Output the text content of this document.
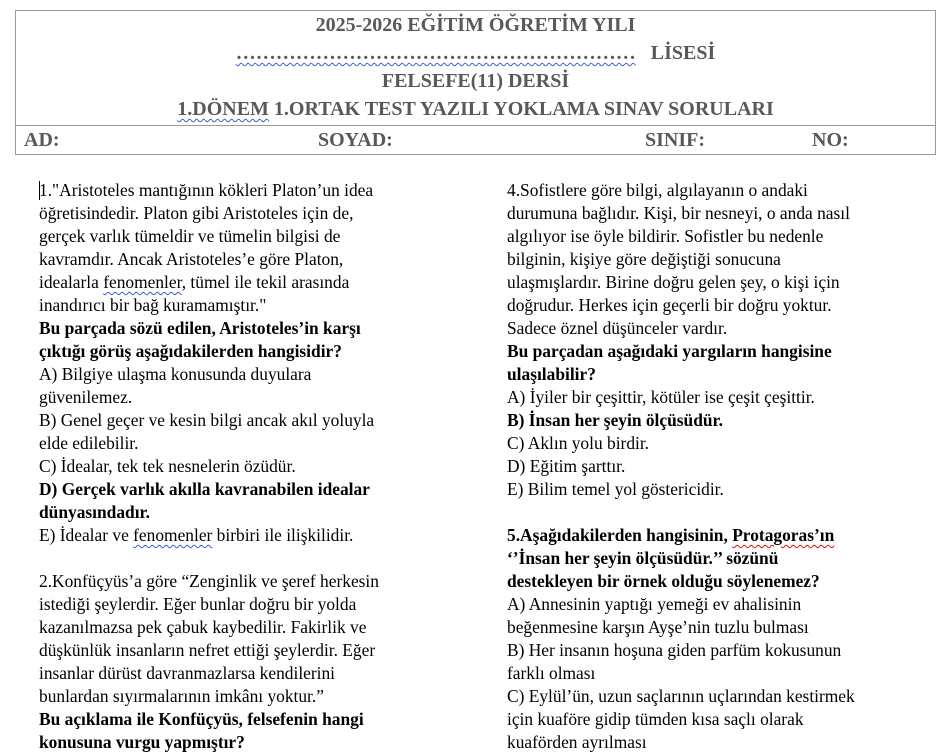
2025-2026 EĞİTİM ÖĞRETİM YILI
…………………………………………………… LİSESİ
FELSEFE(11) DERSİ
1.DÖNEM 1.ORTAK TEST YAZILI YOKLAMA SINAV SORULARI
AD:	SOYAD:	SINIF:	NO:
1."Aristoteles mantığının kökleri Platon’un idea
öğretisindedir. Platon gibi Aristoteles için de,
gerçek varlık tümeldir ve tümelin bilgisi de
kavramdır. Ancak Aristoteles’e göre Platon,
idealarla fenomenler, tümel ile tekil arasında
inandırıcı bir bağ kuramamıştır."
Bu parçada sözü edilen, Aristoteles’in karşı
çıktığı görüş aşağıdakilerden hangisidir?
A) Bilgiye ulaşma konusunda duyulara
güvenilemez.
B) Genel geçer ve kesin bilgi ancak akıl yoluyla
elde edilebilir.
C) İdealar, tek tek nesnelerin özüdür.
D) Gerçek varlık akılla kavranabilen idealar
dünyasındadır.
E) İdealar ve fenomenler birbiri ile ilişkilidir.
2.Konfüçyüs’a göre “Zenginlik ve şeref herkesin
istediği şeylerdir. Eğer bunlar doğru bir yolda
kazanılmazsa pek çabuk kaybedilir. Fakirlik ve
düşkünlük insanların nefret ettiği şeylerdir. Eğer
insanlar dürüst davranmazlarsa kendilerini
bunlardan sıyırmalarının imkânı yoktur.”
Bu açıklama ile Konfüçyüs, felsefenin hangi
konusuna vurgu yapmıştır?
4.Sofistlere göre bilgi, algılayanın o andaki
durumuna bağlıdır. Kişi, bir nesneyi, o anda nasıl
algılıyor ise öyle bildirir. Sofistler bu nedenle
bilginin, kişiye göre değiştiği sonucuna
ulaşmışlardır. Birine doğru gelen şey, o kişi için
doğrudur. Herkes için geçerli bir doğru yoktur.
Sadece öznel düşünceler vardır.
Bu parçadan aşağıdaki yargıların hangisine
ulaşılabilir?
A) İyiler bir çeşittir, kötüler ise çeşit çeşittir.
B) İnsan her şeyin ölçüsüdür.
C) Aklın yolu birdir.
D) Eğitim şarttır.
E) Bilim temel yol göstericidir.
5.Aşağıdakilerden hangisinin, Protagoras’ın
‘’İnsan her şeyin ölçüsüdür.’’ sözünü
destekleyen bir örnek olduğu söylenemez?
A) Annesinin yaptığı yemeği ev ahalisinin
beğenmesine karşın Ayşe’nin tuzlu bulması
B) Her insanın hoşuna giden parfüm kokusunun
farklı olması
C) Eylül’ün, uzun saçlarının uçlarından kestirmek
için kuaföre gidip tümden kısa saçlı olarak
kuaförden ayrılması
